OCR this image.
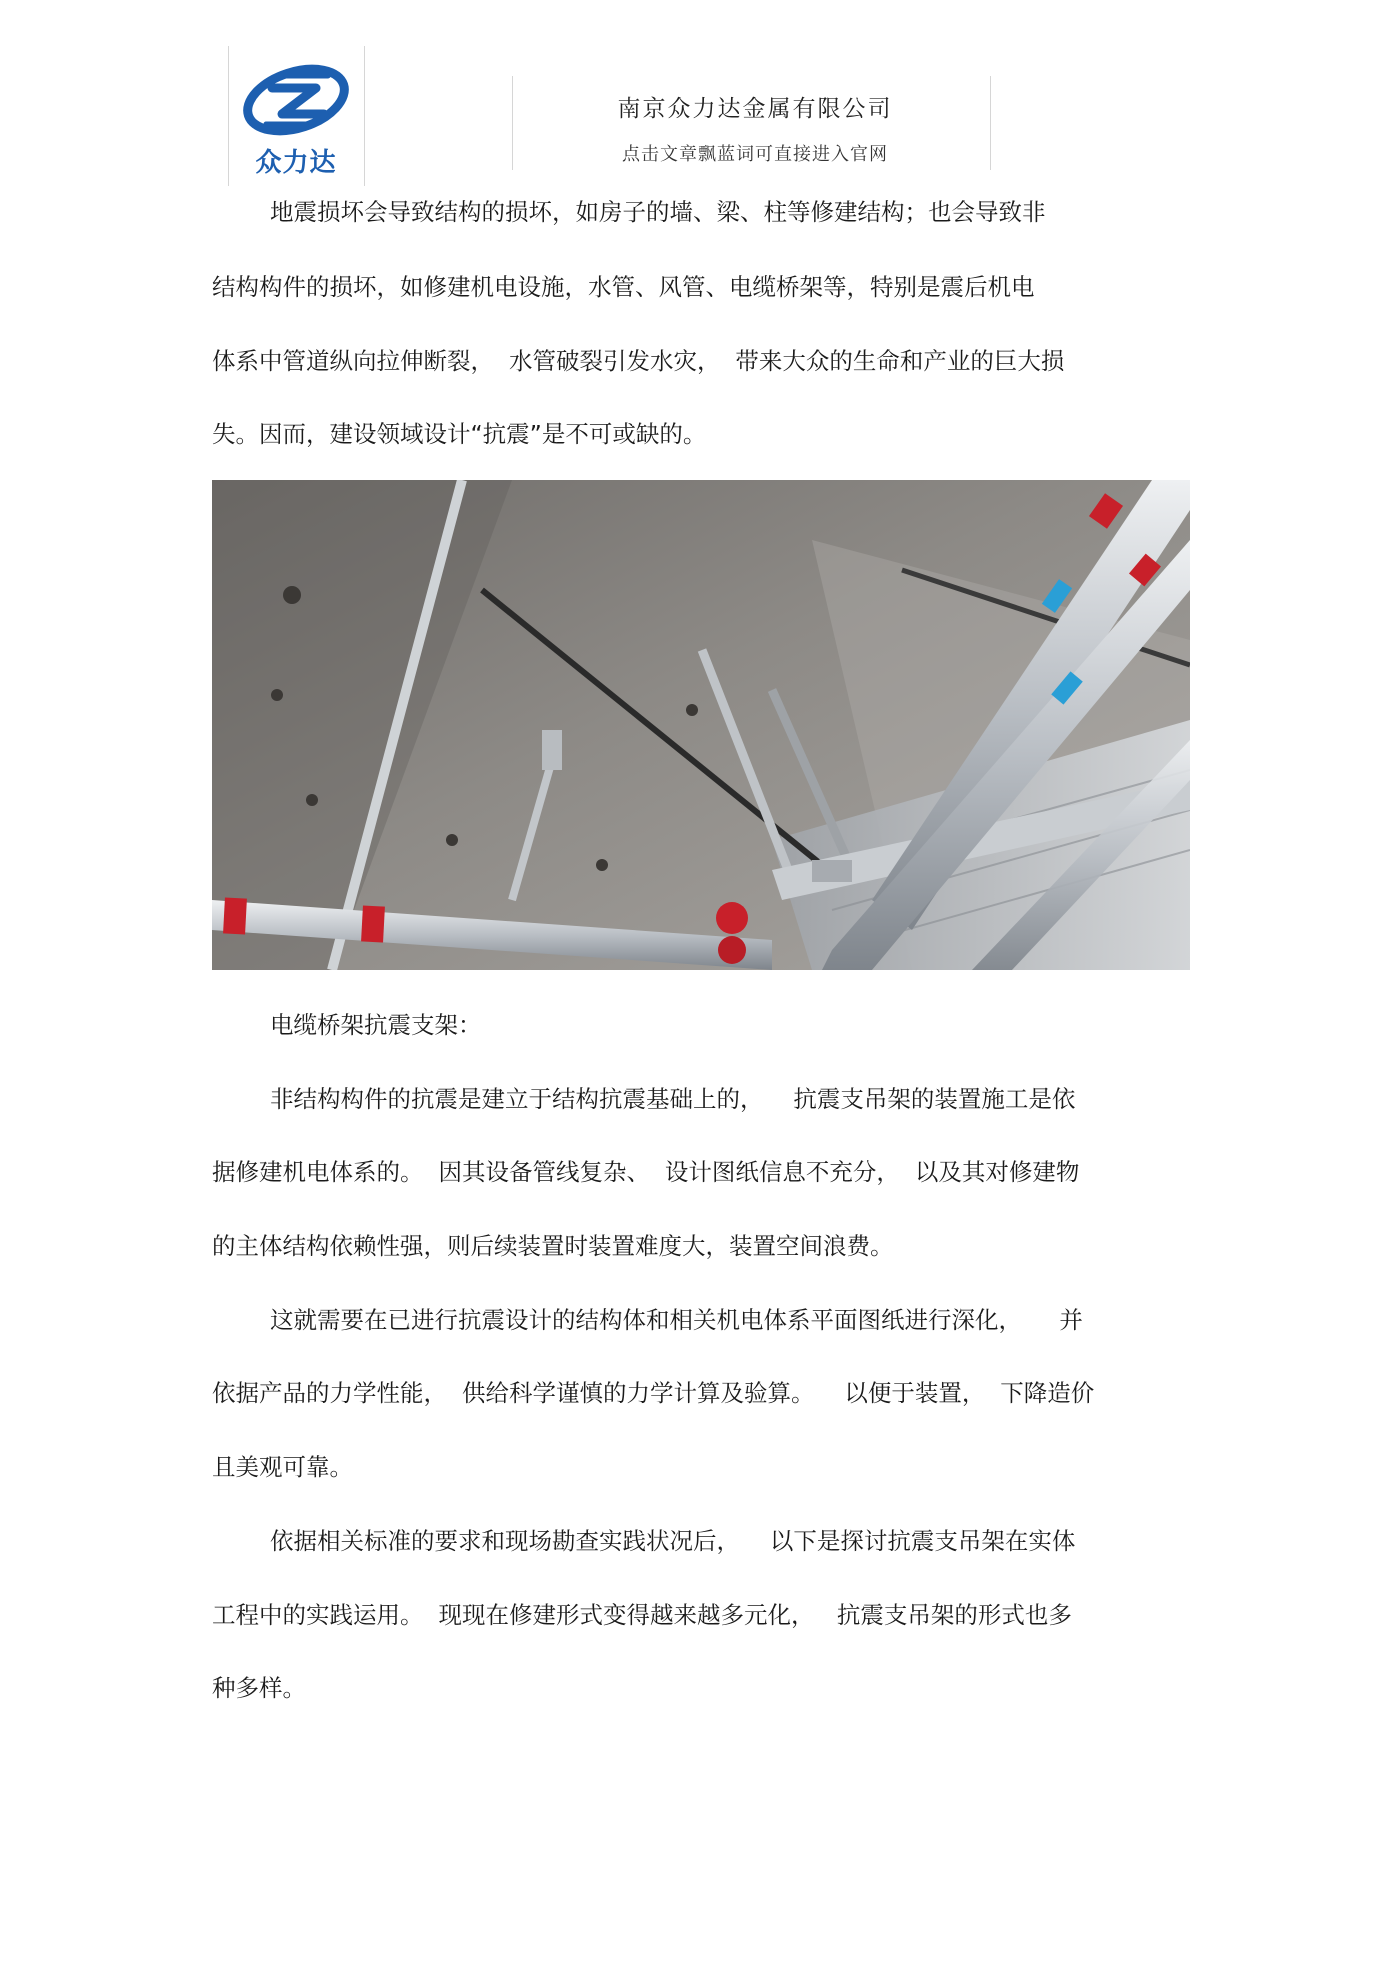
众力达
南京众力达金属有限公司
点击文章飘蓝词可直接进入官网
地震损坏会导致结构的损坏，如房子的墙、梁、柱等修建结构；也会导致非
结构构件的损坏，如修建机电设施，水管、风管、电缆桥架等，特别是震后机电
体系中管道纵向拉伸断裂，  水管破裂引发水灾，  带来大众的生命和产业的巨大损
失。因而，建设领域设计“抗震”是不可或缺的。
电缆桥架抗震支架：
非结构构件的抗震是建立于结构抗震基础上的，    抗震支吊架的装置施工是依
据修建机电体系的。  因其设备管线复杂、  设计图纸信息不充分，  以及其对修建物
的主体结构依赖性强，则后续装置时装置难度大，装置空间浪费。
这就需要在已进行抗震设计的结构体和相关机电体系平面图纸进行深化，     并
依据产品的力学性能，  供给科学谨慎的力学计算及验算。    以便于装置，  下降造价
且美观可靠。
依据相关标准的要求和现场勘查实践状况后，    以下是探讨抗震支吊架在实体
工程中的实践运用。  现现在修建形式变得越来越多元化，   抗震支吊架的形式也多
种多样。
